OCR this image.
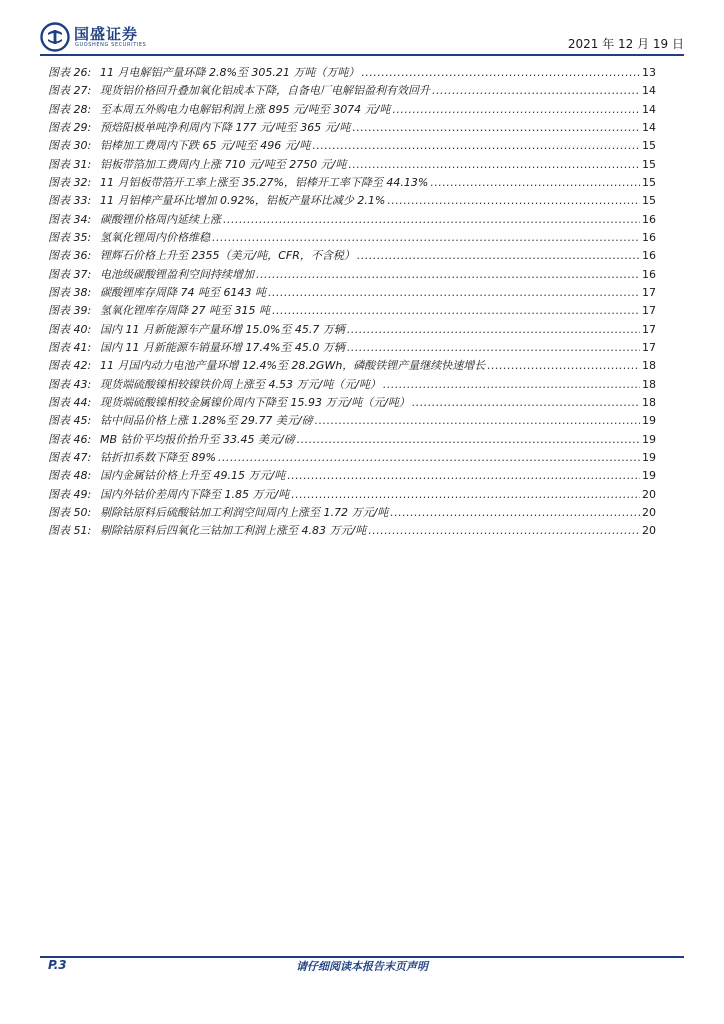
国盛证券
GUOSHENG SECURITIES	2021 年 12 月 19 日
图表 26: 11 月电解铝产量环降 2.8%至 305.21 万吨（万吨） .....	13
图表 27: 现货铝价格回升叠加氧化铝成本下降，自备电厂电解铝盈利有效回升 .....	14
图表 28: 至本周五外购电力电解铝利润上涨 895 元/吨至 3074 元/吨 .....	14
图表 29: 预焙阳极单吨净利周内下降 177 元/吨至 365 元/吨 .....	14
图表 30: 铝棒加工费周内下跌 65 元/吨至 496 元/吨 .....	15
图表 31: 铝板带箔加工费周内上涨 710 元/吨至 2750 元/吨 .....	15
图表 32: 11 月铝板带箔开工率上涨至 35.27%，铝棒开工率下降至 44.13% .....	15
图表 33: 11 月铝棒产量环比增加 0.92%，铝板产量环比减少 2.1% .....	15
图表 34: 碳酸锂价格周内延续上涨 .....	16
图表 35: 氢氧化锂周内价格维稳 .....	16
图表 36: 锂辉石价格上升至 2355（美元/吨，CFR，不含税） .....	16
图表 37: 电池级碳酸锂盈利空间持续增加 .....	16
图表 38: 碳酸锂库存周降 74 吨至 6143 吨 .....	17
图表 39: 氢氧化锂库存周降 27 吨至 315 吨 .....	17
图表 40: 国内 11 月新能源车产量环增 15.0%至 45.7 万辆 .....	17
图表 41: 国内 11 月新能源车销量环增 17.4%至 45.0 万辆 .....	17
图表 42: 11 月国内动力电池产量环增 12.4%至 28.2GWh，磷酸铁锂产量继续快速增长 .....	18
图表 43: 现货端硫酸镍相较镍铁价周上涨至 4.53 万元/吨（元/吨） .....	18
图表 44: 现货端硫酸镍相较金属镍价周内下降至 15.93 万元/吨（元/吨） .....	18
图表 45: 钴中间品价格上涨 1.28%至 29.77 美元/磅 .....	19
图表 46: MB 钴价平均报价抬升至 33.45 美元/磅 .....	19
图表 47: 钴折扣系数下降至 89% .....	19
图表 48: 国内金属钴价格上升至 49.15 万元/吨 .....	19
图表 49: 国内外钴价差周内下降至 1.85 万元/吨 .....	20
图表 50: 剔除钴原料后硫酸钴加工利润空间周内上涨至 1.72 万元/吨 .....	20
图表 51: 剔除钴原料后四氧化三钴加工利润上涨至 4.83 万元/吨 .....	20
P.3	请仔细阅读本报告末页声明
